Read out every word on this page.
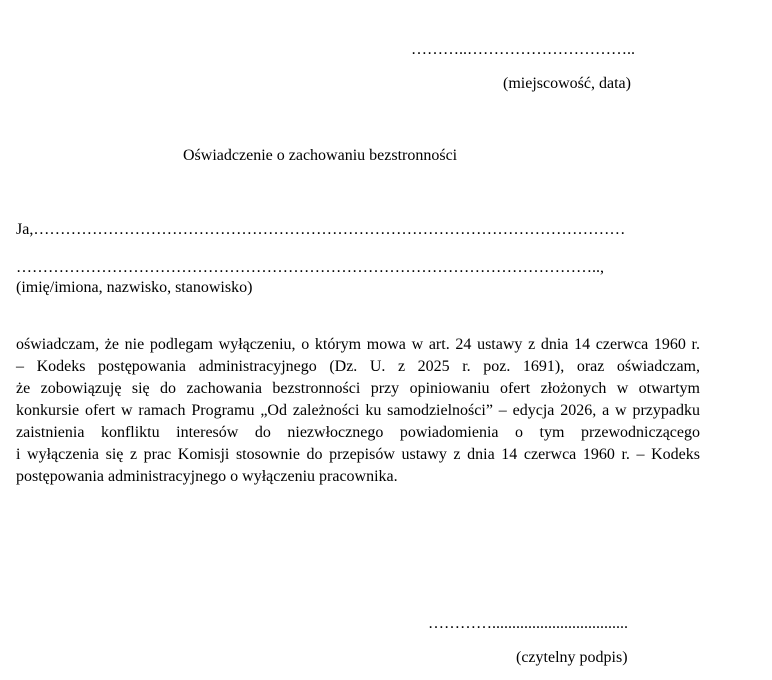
………..…………………………..
(miejscowość, data)
Oświadczenie o zachowaniu bezstronności
Ja,…………………………………………………………………………………………………
………………………………………………………………………………………………..,
(imię/imiona, nazwisko, stanowisko)
oświadczam, że nie podlegam wyłączeniu, o którym mowa w art. 24 ustawy z dnia 14 czerwca 1960 r.
– Kodeks postępowania administracyjnego (Dz. U. z 2025 r. poz. 1691), oraz oświadczam,
że zobowiązuję się do zachowania bezstronności przy opiniowaniu ofert złożonych w otwartym
konkursie ofert w ramach Programu „Od zależności ku samodzielności” – edycja 2026, a w przypadku
zaistnienia konfliktu interesów do niezwłocznego powiadomienia o tym przewodniczącego
i wyłączenia się z prac Komisji stosownie do przepisów ustawy z dnia 14 czerwca 1960 r. – Kodeks
postępowania administracyjnego o wyłączeniu pracownika.
…………..................................
(czytelny podpis)
